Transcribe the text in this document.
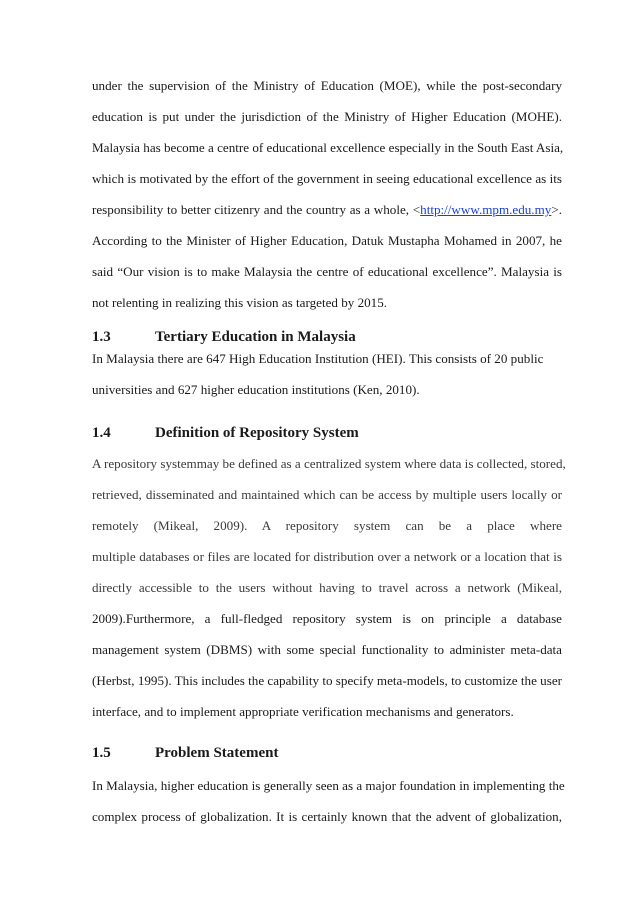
under the supervision of the Ministry of Education (MOE), while the post-secondary
education is put under the jurisdiction of the Ministry of Higher Education (MOHE).
Malaysia has become a centre of educational excellence especially in the South East Asia,
which is motivated by the effort of the government in seeing educational excellence as its
responsibility to better citizenry and the country as a whole, <http://www.mpm.edu.my>.
According to the Minister of Higher Education, Datuk Mustapha Mohamed in 2007, he
said “Our vision is to make Malaysia the centre of educational excellence”. Malaysia is
not relenting in realizing this vision as targeted by 2015.
1.3	Tertiary Education in Malaysia
In Malaysia there are 647 High Education Institution (HEI). This consists of 20 public
universities and 627 higher education institutions (Ken, 2010).
1.4	Definition of Repository System
A repository systemmay be defined as a centralized system where data is collected, stored,
retrieved, disseminated and maintained which can be access by multiple users locally or
remotely (Mikeal, 2009). A repository system can be a place where
multiple databases or files are located for distribution over a network or a location that is
directly accessible to the users without having to travel across a network (Mikeal,
2009).Furthermore, a full-fledged repository system is on principle a database
management system (DBMS) with some special functionality to administer meta-data
(Herbst, 1995). This includes the capability to specify meta-models, to customize the user
interface, and to implement appropriate verification mechanisms and generators.
1.5	Problem Statement
In Malaysia, higher education is generally seen as a major foundation in implementing the
complex process of globalization. It is certainly known that the advent of globalization,
